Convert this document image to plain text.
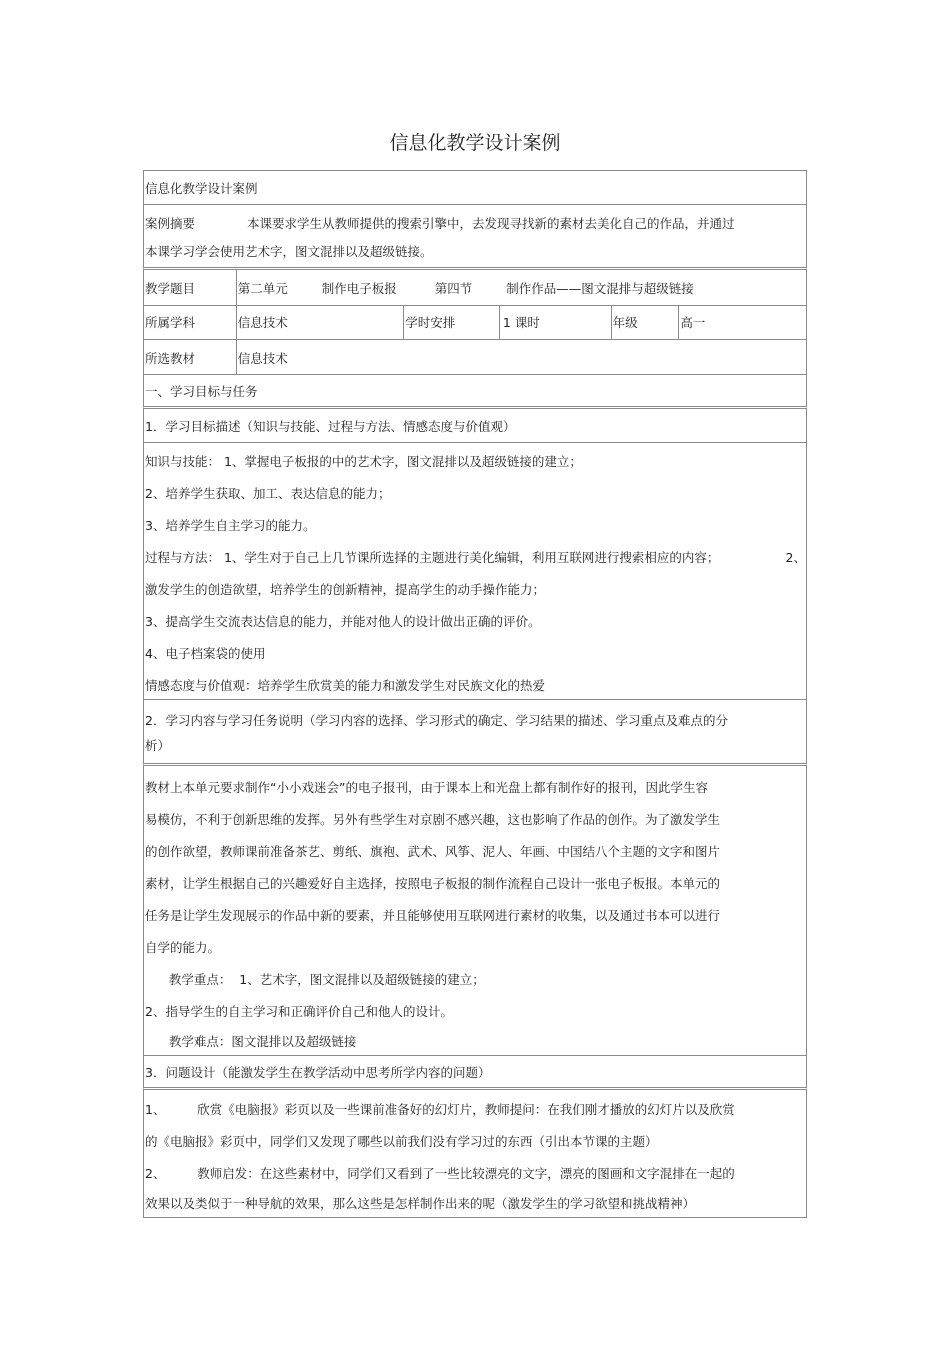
信息化教学设计案例
信息化教学设计案例
案例摘要	本课要求学生从教师提供的搜索引擎中，去发现寻找新的素材去美化自己的作品，并通过
本课学习学会使用艺术字，图文混排以及超级链接。
教学题目	第二单元	制作电子板报	第四节	制作作品——图文混排与超级链接
所属学科	信息技术	学时安排	1 课时	年级	高一
所选教材	信息技术
一、学习目标与任务
1．学习目标描述（知识与技能、过程与方法、情感态度与价值观）
知识与技能： 1、掌握电子板报的中的艺术字，图文混排以及超级链接的建立；
2、培养学生获取、加工、表达信息的能力；
3、培养学生自主学习的能力。
过程与方法： 1、学生对于自己上几节课所选择的主题进行美化编辑，利用互联网进行搜索相应的内容；	2、
激发学生的创造欲望，培养学生的创新精神，提高学生的动手操作能力；
3、提高学生交流表达信息的能力，并能对他人的设计做出正确的评价。
4、电子档案袋的使用
情感态度与价值观：培养学生欣赏美的能力和激发学生对民族文化的热爱
2．学习内容与学习任务说明（学习内容的选择、学习形式的确定、学习结果的描述、学习重点及难点的分
析）
教材上本单元要求制作“小小戏迷会”的电子报刊，由于课本上和光盘上都有制作好的报刊，因此学生容
易模仿，不利于创新思维的发挥。另外有些学生对京剧不感兴趣，这也影响了作品的创作。为了激发学生
的创作欲望，教师课前准备茶艺、剪纸、旗袍、武术、风筝、泥人、年画、中国结八个主题的文字和图片
素材，让学生根据自己的兴趣爱好自主选择，按照电子板报的制作流程自己设计一张电子板报。本单元的
任务是让学生发现展示的作品中新的要素，并且能够使用互联网进行素材的收集，以及通过书本可以进行
自学的能力。
教学重点：  1、艺术字，图文混排以及超级链接的建立；
2、指导学生的自主学习和正确评价自己和他人的设计。
教学难点：图文混排以及超级链接
3．问题设计（能激发学生在教学活动中思考所学内容的问题）
1、        欣赏《电脑报》彩页以及一些课前准备好的幻灯片，教师提问：在我们刚才播放的幻灯片以及欣赏
的《电脑报》彩页中，同学们又发现了哪些以前我们没有学习过的东西（引出本节课的主题）
2、        教师启发：在这些素材中，同学们又看到了一些比较漂亮的文字，漂亮的图画和文字混排在一起的
效果以及类似于一种导航的效果，那么这些是怎样制作出来的呢（激发学生的学习欲望和挑战精神）
